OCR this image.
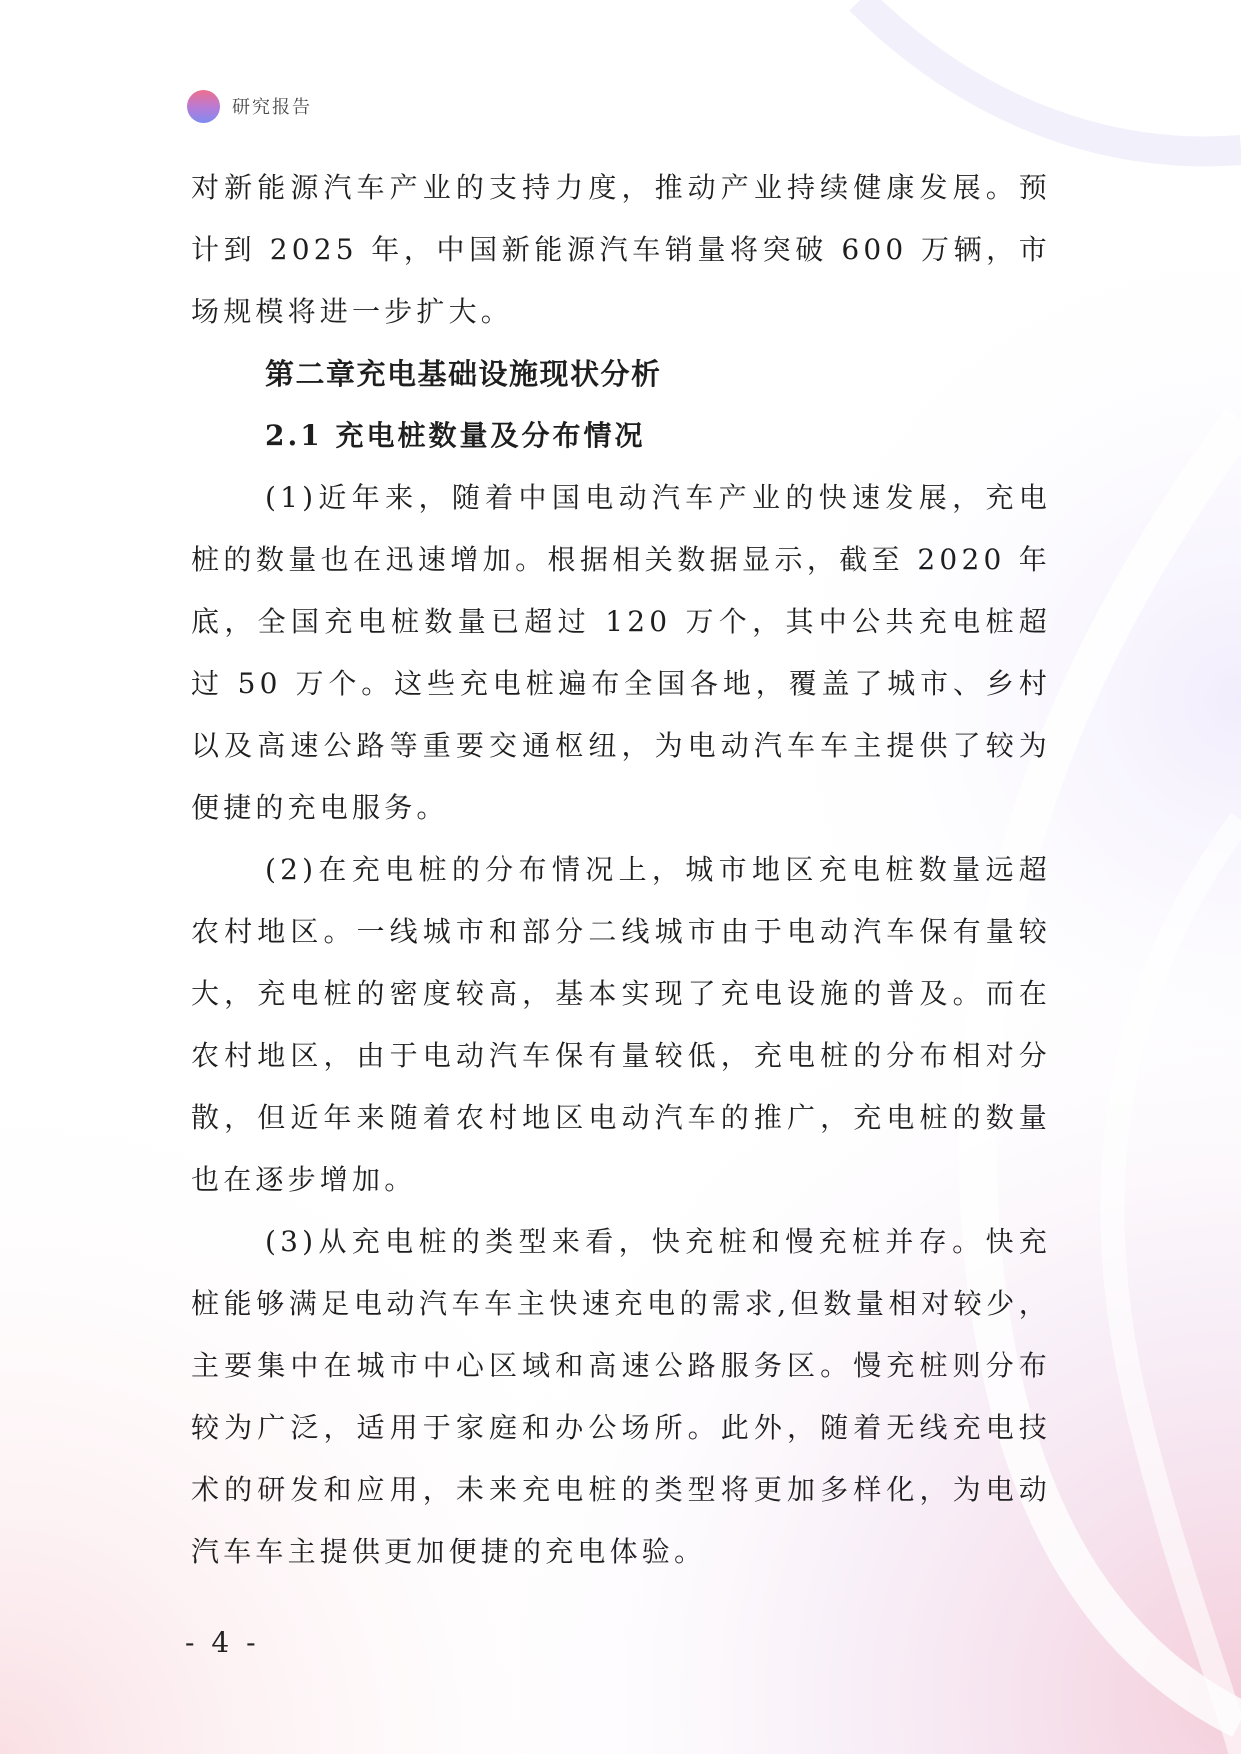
研究报告

对新能源汽车产业的支持力度，推动产业持续健康发展。预计到 2025 年，中国新能源汽车销量将突破 600 万辆，市场规模将进一步扩大。

第二章充电基础设施现状分析
2.1 充电桩数量及分布情况

(1)近年来，随着中国电动汽车产业的快速发展，充电桩的数量也在迅速增加。根据相关数据显示，截至 2020 年底，全国充电桩数量已超过 120 万个，其中公共充电桩超过 50 万个。这些充电桩遍布全国各地，覆盖了城市、乡村以及高速公路等重要交通枢纽，为电动汽车车主提供了较为便捷的充电服务。

(2)在充电桩的分布情况上，城市地区充电桩数量远超农村地区。一线城市和部分二线城市由于电动汽车保有量较大，充电桩的密度较高，基本实现了充电设施的普及。而在农村地区，由于电动汽车保有量较低，充电桩的分布相对分散，但近年来随着农村地区电动汽车的推广，充电桩的数量也在逐步增加。

(3)从充电桩的类型来看，快充桩和慢充桩并存。快充桩能够满足电动汽车车主快速充电的需求,但数量相对较少，主要集中在城市中心区域和高速公路服务区。慢充桩则分布较为广泛，适用于家庭和办公场所。此外，随着无线充电技术的研发和应用，未来充电桩的类型将更加多样化，为电动汽车车主提供更加便捷的充电体验。

- 4 -
